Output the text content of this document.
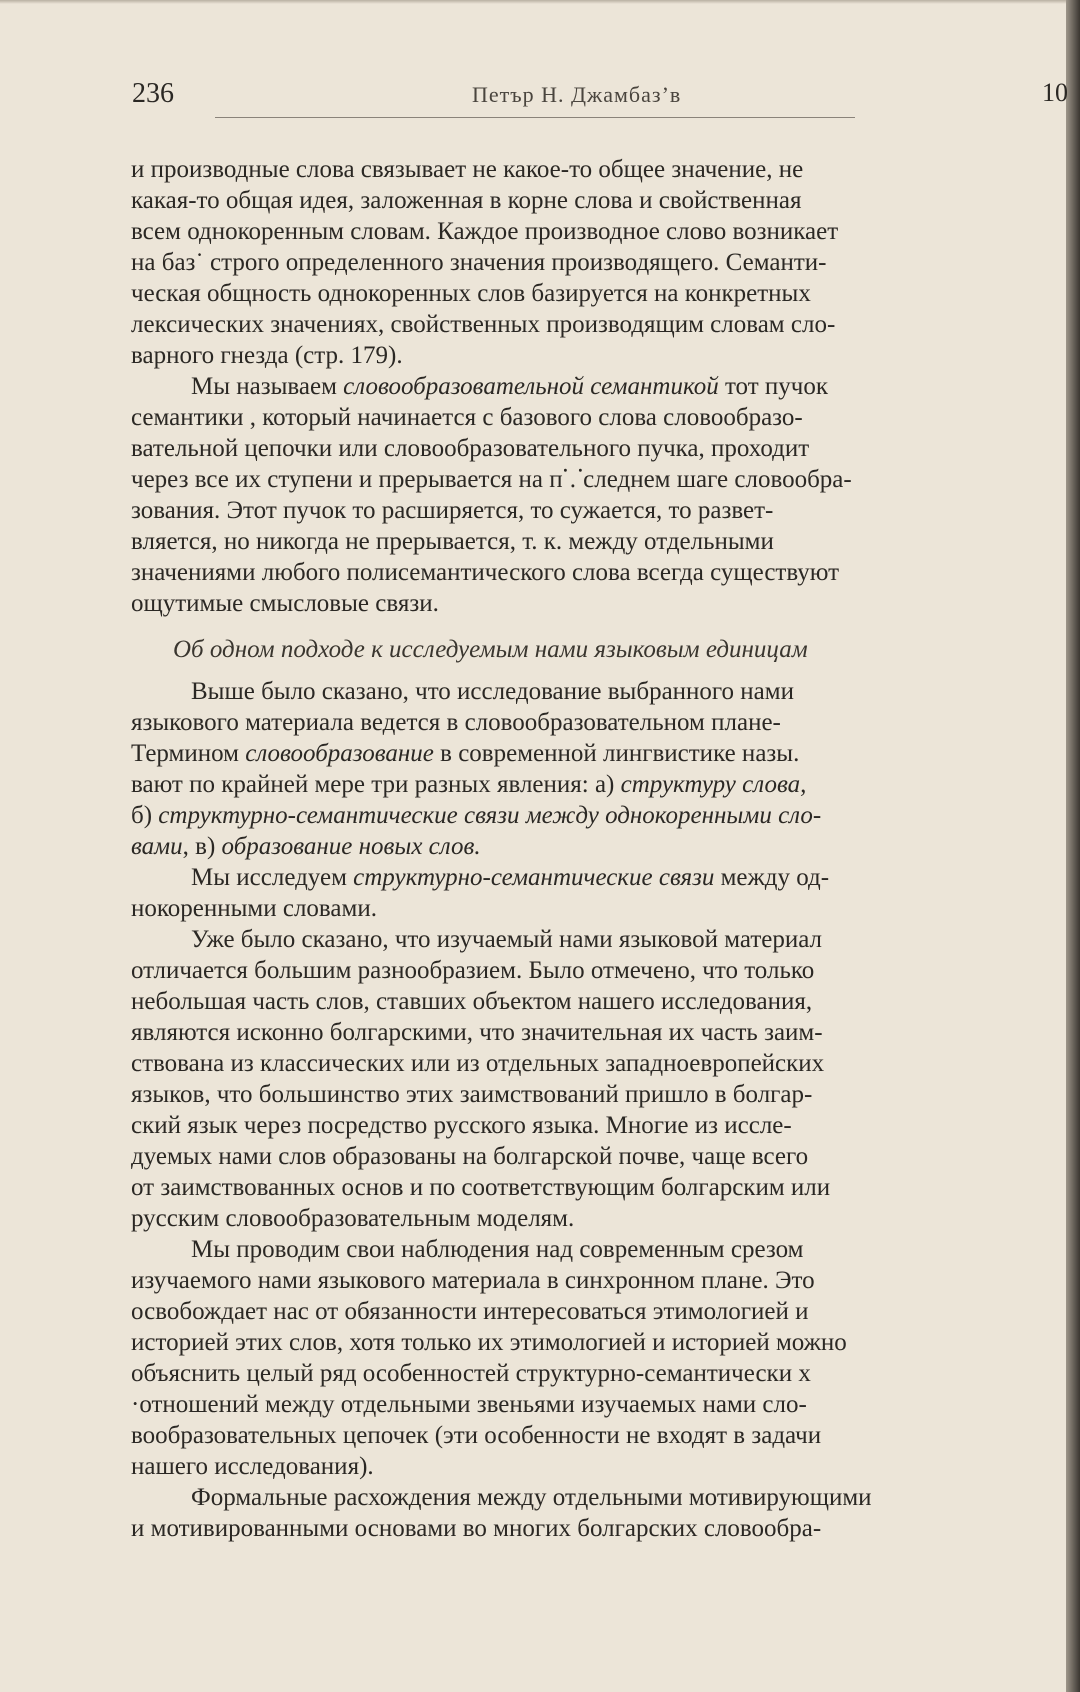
236	Петър Н. Джамбаз’в	10
и производные слова связывает не какое-то общее значение, не
какая-то общая идея, заложенная в корне слова и свойственная
всем однокоренным словам. Каждое производное слово возникает
на баз˙ строго определенного значения производящего. Семанти-
ческая общность однокоренных слов базируется на конкретных
лексических значениях, свойственных производящим словам сло-
варного гнезда (стр. 179).
Мы называем словообразовательной семантикой тот пучок
семантики , который начинается с базового слова словообразо-
вательной цепочки или словообразовательного пучка, проходит
через все их ступени и прерывается на п⸪следнем шаге словообра-
зования. Этот пучок то расширяется, то сужается, то развет-
вляется, но никогда не прерывается, т. к. между отдельными
значениями любого полисемантического слова всегда существуют
ощутимые смысловые связи.
Об одном подходе к исследуемым нами языковым единицам
Выше было сказано, что исследование выбранного нами
языкового материала ведется в словообразовательном плане-
Термином словообразование в современной лингвистике назы.
вают по крайней мере три разных явления: а) структуру слова,
б) структурно-семантические связи между однокоренными сло-
вами, в) образование новых слов.
Мы исследуем структурно-семантические связи между од-
нокоренными словами.
Уже было сказано, что изучаемый нами языковой материал
отличается большим разнообразием. Было отмечено, что только
небольшая часть слов, ставших объектом нашего исследования,
являются исконно болгарскими, что значительная их часть заим-
ствована из классических или из отдельных западноевропейских
языков, что большинство этих заимствований пришло в болгар-
ский язык через посредство русского языка. Многие из иссле-
дуемых нами слов образованы на болгарской почве, чаще всего
от заимствованных основ и по соответствующим болгарским или
русским словообразовательным моделям.
Мы проводим свои наблюдения над современным срезом
изучаемого нами языкового материала в синхронном плане. Это
освобождает нас от обязанности интересоваться этимологией и
историей этих слов, хотя только их этимологией и историей можно
объяснить целый ряд особенностей структурно-семантически х
·отношений между отдельными звеньями изучаемых нами сло-
вообразовательных цепочек (эти особенности не входят в задачи
нашего исследования).
Формальные расхождения между отдельными мотивирующими
и мотивированными основами во многих болгарских словообра-
